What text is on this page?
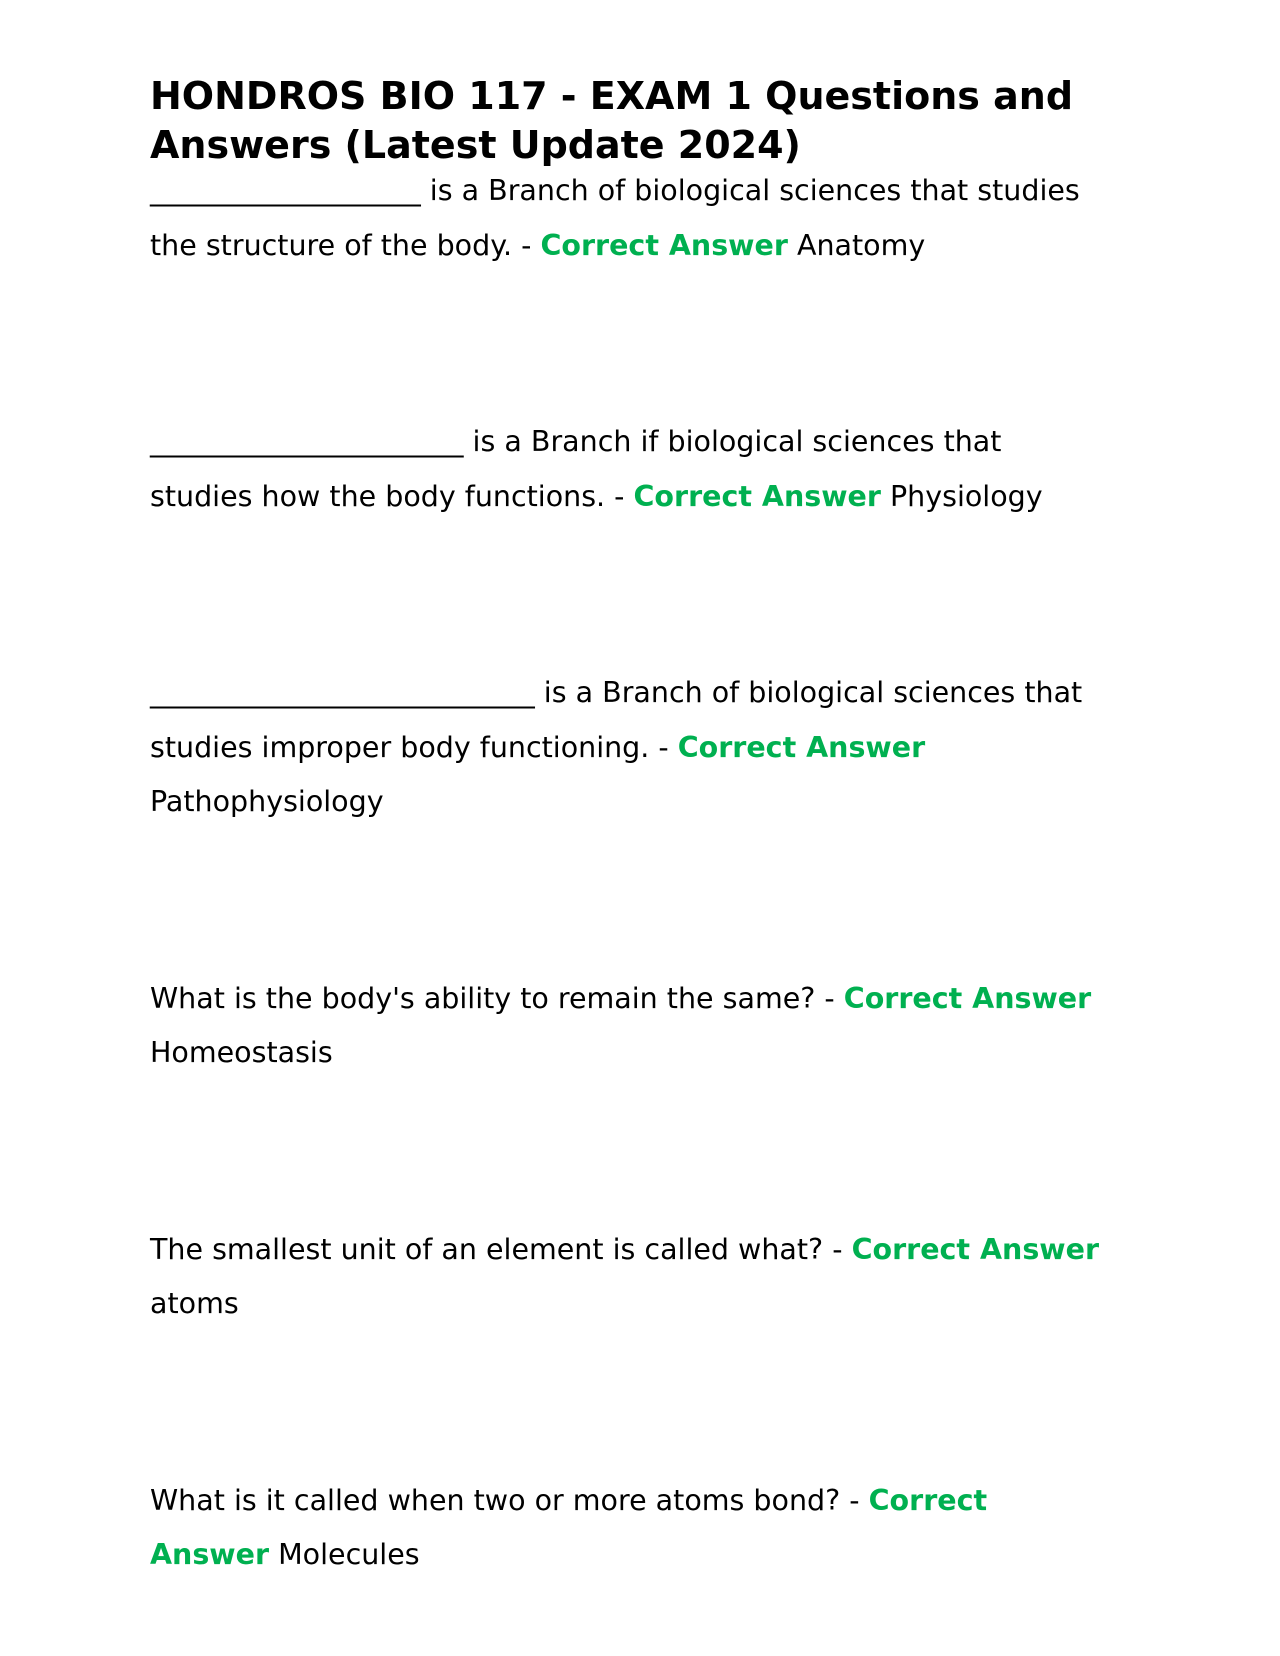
HONDROS BIO 117 - EXAM 1 Questions and Answers (Latest Update 2024)

___________________ is a Branch of biological sciences that studies the structure of the body. - Correct Answer Anatomy

______________________ is a Branch if biological sciences that studies how the body functions. - Correct Answer Physiology

___________________________ is a Branch of biological sciences that studies improper body functioning. - Correct Answer Pathophysiology

What is the body's ability to remain the same? - Correct Answer Homeostasis

The smallest unit of an element is called what? - Correct Answer atoms

What is it called when two or more atoms bond? - Correct Answer Molecules
